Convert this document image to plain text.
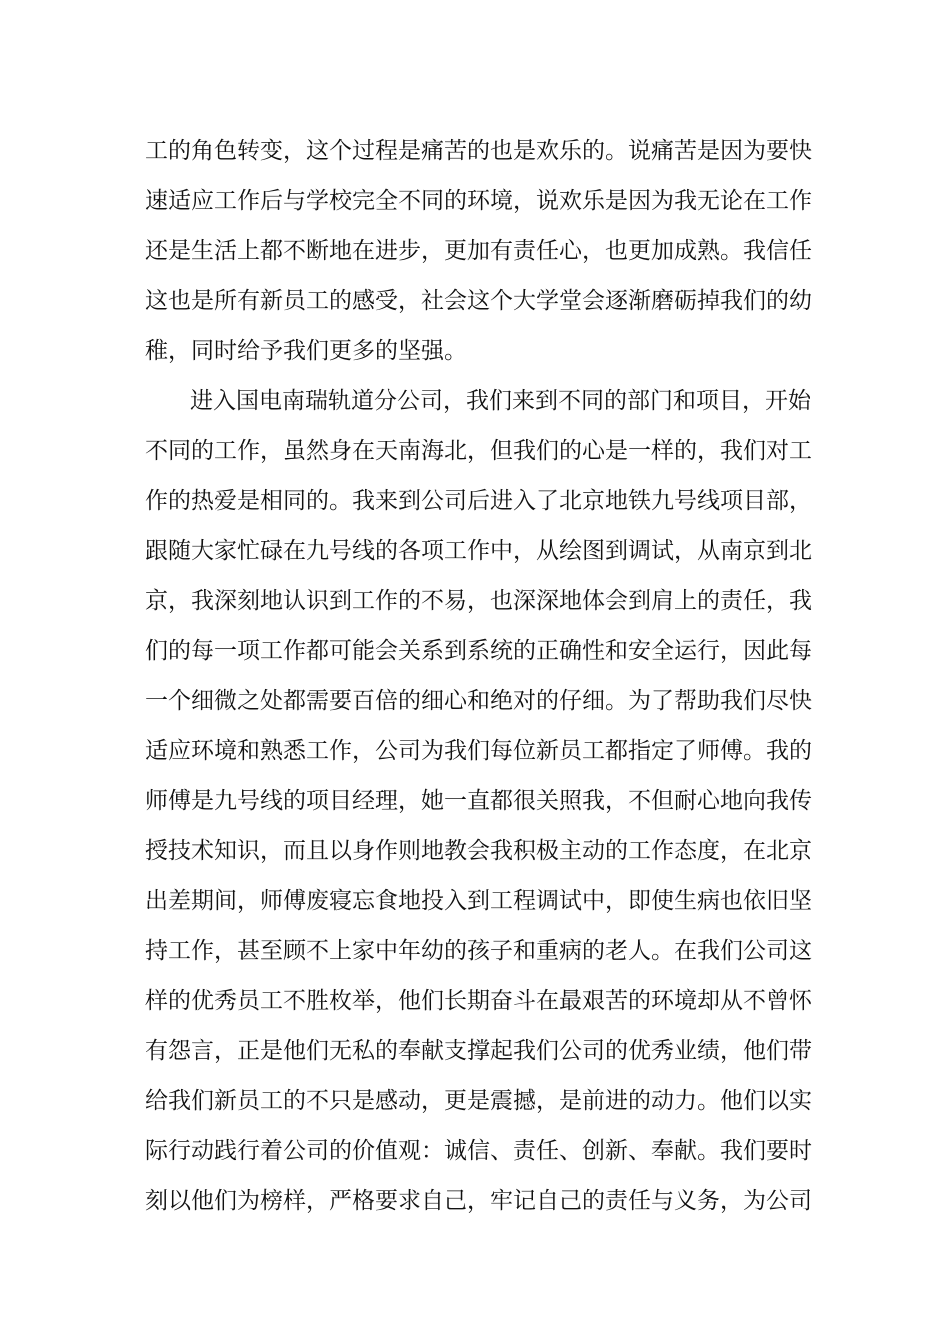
工的角色转变，这个过程是痛苦的也是欢乐的。说痛苦是因为要快
速适应工作后与学校完全不同的环境，说欢乐是因为我无论在工作
还是生活上都不断地在进步，更加有责任心，也更加成熟。我信任
这也是所有新员工的感受，社会这个大学堂会逐渐磨砺掉我们的幼
稚，同时给予我们更多的坚强。
进入国电南瑞轨道分公司，我们来到不同的部门和项目，开始
不同的工作，虽然身在天南海北，但我们的心是一样的，我们对工
作的热爱是相同的。我来到公司后进入了北京地铁九号线项目部，
跟随大家忙碌在九号线的各项工作中，从绘图到调试，从南京到北
京，我深刻地认识到工作的不易，也深深地体会到肩上的责任，我
们的每一项工作都可能会关系到系统的正确性和安全运行，因此每
一个细微之处都需要百倍的细心和绝对的仔细。为了帮助我们尽快
适应环境和熟悉工作，公司为我们每位新员工都指定了师傅。我的
师傅是九号线的项目经理，她一直都很关照我，不但耐心地向我传
授技术知识，而且以身作则地教会我积极主动的工作态度，在北京
出差期间，师傅废寝忘食地投入到工程调试中，即使生病也依旧坚
持工作，甚至顾不上家中年幼的孩子和重病的老人。在我们公司这
样的优秀员工不胜枚举，他们长期奋斗在最艰苦的环境却从不曾怀
有怨言，正是他们无私的奉献支撑起我们公司的优秀业绩，他们带
给我们新员工的不只是感动，更是震撼，是前进的动力。他们以实
际行动践行着公司的价值观：诚信、责任、创新、奉献。我们要时
刻以他们为榜样，严格要求自己，牢记自己的责任与义务，为公司
